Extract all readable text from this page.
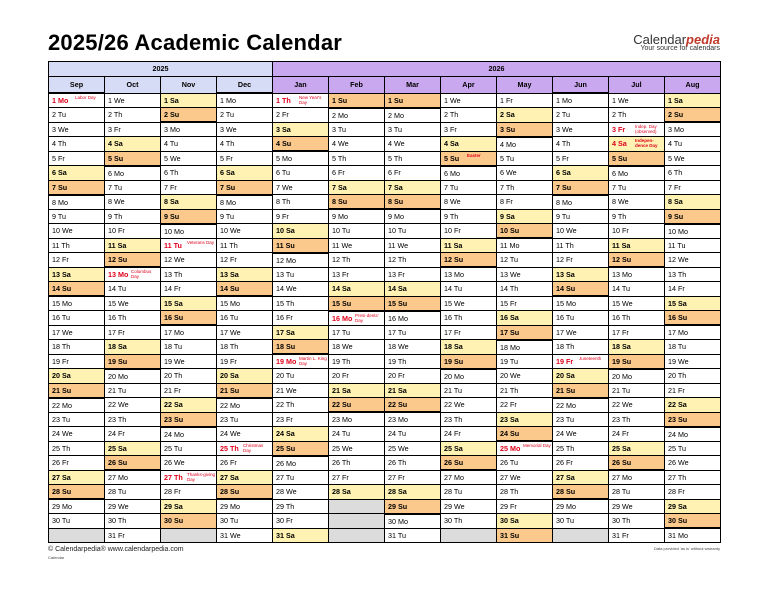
2025/26 Academic Calendar	Calendarpedia
Your source for calendars
2025				2026							
Sep	Oct	Nov	Dec	Jan	Feb	Mar	Apr	May	Jun	Jul	Aug
1 Mo Labor Day	1 We	1 Sa	1 Mo	1 Th New Year's Day	1 Su	1 Su	1 We	1 Fr	1 Mo	1 We	1 Sa
2 Tu	2 Th	2 Su	2 Tu	2 Fr	2 Mo	2 Mo	2 Th	2 Sa	2 Tu	2 Th	2 Su
3 We	3 Fr	3 Mo	3 We	3 Sa	3 Tu	3 Tu	3 Fr	3 Su	3 We	3 Fr Indep. Day (observed)	3 Mo
4 Th	4 Sa	4 Tu	4 Th	4 Su	4 We	4 We	4 Sa	4 Mo	4 Th	4 Sa Indepen-dence Day	4 Tu
5 Fr	5 Su	5 We	5 Fr	5 Mo	5 Th	5 Th	5 Su Easter	5 Tu	5 Fr	5 Su	5 We
6 Sa	6 Mo	6 Th	6 Sa	6 Tu	6 Fr	6 Fr	6 Mo	6 We	6 Sa	6 Mo	6 Th
7 Su	7 Tu	7 Fr	7 Su	7 We	7 Sa	7 Sa	7 Tu	7 Th	7 Su	7 Tu	7 Fr
8 Mo	8 We	8 Sa	8 Mo	8 Th	8 Su	8 Su	8 We	8 Fr	8 Mo	8 We	8 Sa
9 Tu	9 Th	9 Su	9 Tu	9 Fr	9 Mo	9 Mo	9 Th	9 Sa	9 Tu	9 Th	9 Su
10 We	10 Fr	10 Mo	10 We	10 Sa	10 Tu	10 Tu	10 Fr	10 Su	10 We	10 Fr	10 Mo
11 Th	11 Sa	11 Tu Veterans Day	11 Th	11 Su	11 We	11 We	11 Sa	11 Mo	11 Th	11 Sa	11 Tu
12 Fr	12 Su	12 We	12 Fr	12 Mo	12 Th	12 Th	12 Su	12 Tu	12 Fr	12 Su	12 We
13 Sa	13 Mo Columbus Day	13 Th	13 Sa	13 Tu	13 Fr	13 Fr	13 Mo	13 We	13 Sa	13 Mo	13 Th
14 Su	14 Tu	14 Fr	14 Su	14 We	14 Sa	14 Sa	14 Tu	14 Th	14 Su	14 Tu	14 Fr
15 Mo	15 We	15 Sa	15 Mo	15 Th	15 Su	15 Su	15 We	15 Fr	15 Mo	15 We	15 Sa
16 Tu	16 Th	16 Su	16 Tu	16 Fr	16 Mo Presi-dents' Day	16 Mo	16 Th	16 Sa	16 Tu	16 Th	16 Su
17 We	17 Fr	17 Mo	17 We	17 Sa	17 Tu	17 Tu	17 Fr	17 Su	17 We	17 Fr	17 Mo
18 Th	18 Sa	18 Tu	18 Th	18 Su	18 We	18 We	18 Sa	18 Mo	18 Th	18 Sa	18 Tu
19 Fr	19 Su	19 We	19 Fr	19 Mo Martin L. King Day	19 Th	19 Th	19 Su	19 Tu	19 Fr Juneteenth	19 Su	19 We
20 Sa	20 Mo	20 Th	20 Sa	20 Tu	20 Fr	20 Fr	20 Mo	20 We	20 Sa	20 Mo	20 Th
21 Su	21 Tu	21 Fr	21 Su	21 We	21 Sa	21 Sa	21 Tu	21 Th	21 Su	21 Tu	21 Fr
22 Mo	22 We	22 Sa	22 Mo	22 Th	22 Su	22 Su	22 We	22 Fr	22 Mo	22 We	22 Sa
23 Tu	23 Th	23 Su	23 Tu	23 Fr	23 Mo	23 Mo	23 Th	23 Sa	23 Tu	23 Th	23 Su
24 We	24 Fr	24 Mo	24 We	24 Sa	24 Tu	24 Tu	24 Fr	24 Su	24 We	24 Fr	24 Mo
25 Th	25 Sa	25 Tu	25 Th Christmas Day	25 Su	25 We	25 We	25 Sa	25 Mo Memorial Day	25 Th	25 Sa	25 Tu
26 Fr	26 Su	26 We	26 Fr	26 Mo	26 Th	26 Th	26 Su	26 Tu	26 Fr	26 Su	26 We
27 Sa	27 Mo	27 Th Thanks-giving Day	27 Sa	27 Tu	27 Fr	27 Fr	27 Mo	27 We	27 Sa	27 Mo	27 Th
28 Su	28 Tu	28 Fr	28 Su	28 We	28 Sa	28 Sa	28 Tu	28 Th	28 Su	28 Tu	28 Fr
29 Mo	29 We	29 Sa	29 Mo	29 Th		29 Su	29 We	29 Fr	29 Mo	29 We	29 Sa
30 Tu	30 Th	30 Su	30 Tu	30 Fr		30 Mo	30 Th	30 Sa	30 Tu	30 Th	30 Su
	31 Fr		31 We	31 Sa		31 Tu		31 Su		31 Fr	31 Mo
© Calendarpedia® www.calendarpedia.com
Calendar
Data provided 'as is' without warranty
